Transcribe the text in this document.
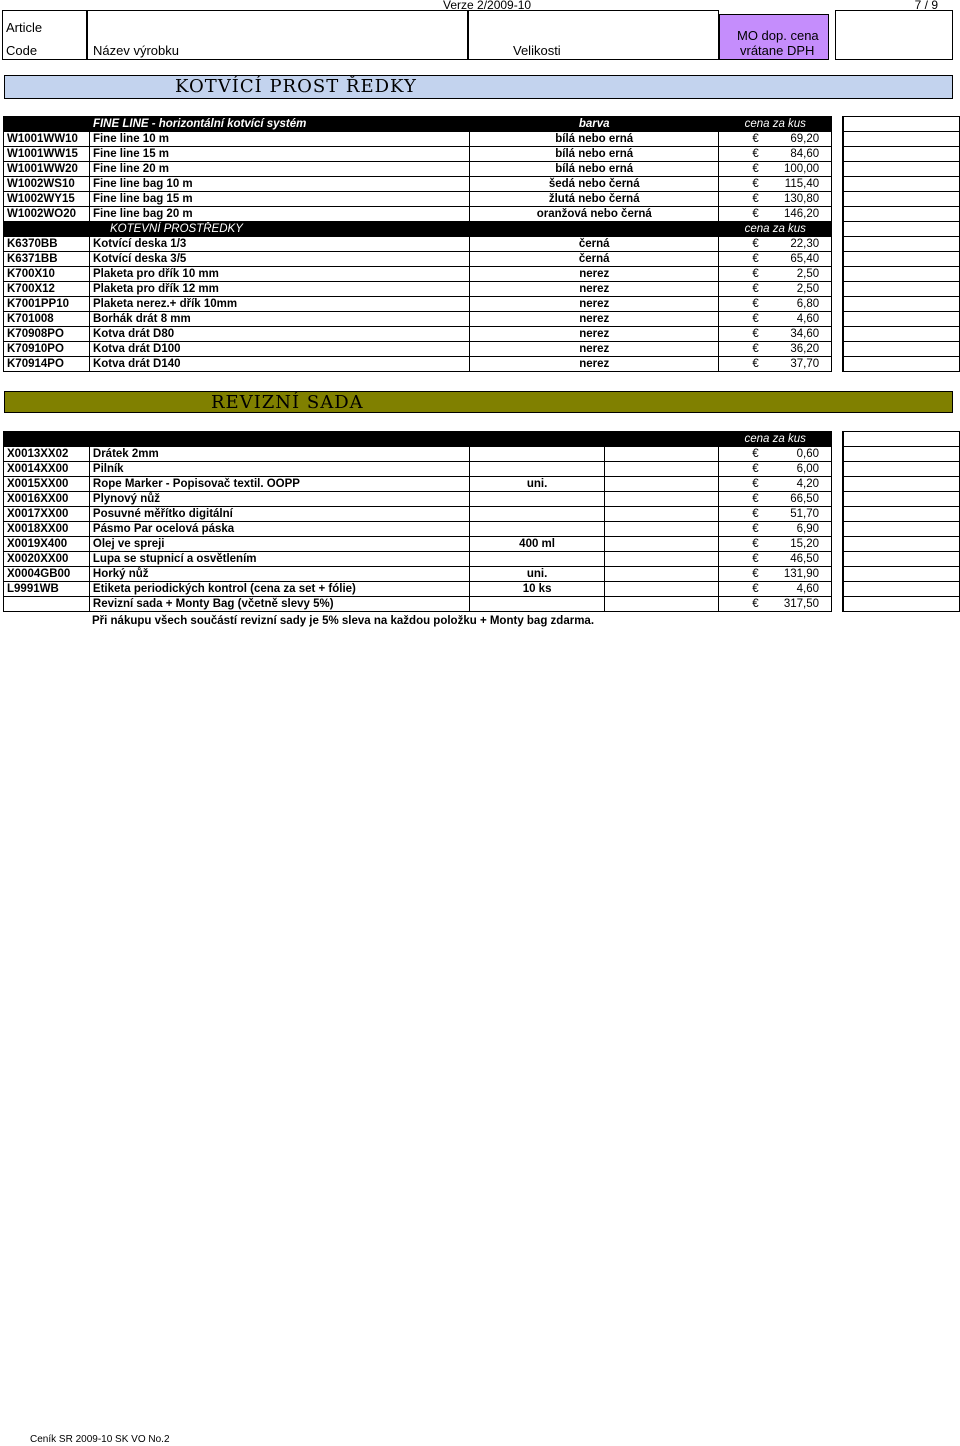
Verze 2/2009-10	7 / 9
Article
Code	Název výrobku	Velikosti
MO dop. cena
vrátane DPH
KOTVÍCÍ PROST ŘEDKY
	FINE LINE - horizontální kotvící systém	barva	cena za kus		
W1001WW10	Fine line 10 m	bílá nebo erná	€ 69,20		
W1001WW15	Fine line 15 m	bílá nebo erná	€ 84,60		
W1001WW20	Fine line 20 m	bílá nebo erná	€ 100,00		
W1002WS10	Fine line bag 10 m	šedá nebo černá	€ 115,40		
W1002WY15	Fine line bag 15 m	žlutá nebo černá	€ 130,80		
W1002WO20	Fine line bag 20 m	oranžová nebo černá	€ 146,20		
	KOTEVNÍ PROSTŘEDKY		cena za kus		
K6370BB	Kotvící deska 1/3	černá	€ 22,30		
K6371BB	Kotvící deska 3/5	černá	€ 65,40		
K700X10	Plaketa pro dřík 10 mm	nerez	€ 2,50		
K700X12	Plaketa pro dřík 12 mm	nerez	€ 2,50		
K7001PP10	Plaketa nerez.+ dřík 10mm	nerez	€ 6,80		
K701008	Borhák drát 8 mm	nerez	€ 4,60		
K70908PO	Kotva drát D80	nerez	€ 34,60		
K70910PO	Kotva drát D100	nerez	€ 36,20		
K70914PO	Kotva drát D140	nerez	€ 37,70		
REVIZNÍ SADA
				cena za kus		
X0013XX02	Drátek 2mm			€ 0,60		
X0014XX00	Pilník			€ 6,00		
X0015XX00	Rope Marker - Popisovač textil. OOPP	uni.		€ 4,20		
X0016XX00	Plynový nůž			€ 66,50		
X0017XX00	Posuvné měřítko digitální			€ 51,70		
X0018XX00	Pásmo Par ocelová páska			€ 6,90		
X0019X400	Olej ve spreji	400 ml		€ 15,20		
X0020XX00	Lupa se stupnicí a osvětlením			€ 46,50		
X0004GB00	Horký nůž	uni.		€ 131,90		
L9991WB	Etiketa periodických kontrol (cena za set + fólie)	10 ks		€ 4,60		
	Revizní sada + Monty Bag (včetně slevy 5%)			€ 317,50		
Při nákupu všech součástí revizní sady je 5% sleva na každou položku + Monty bag zdarma.
Ceník SR 2009-10 SK VO No.2
